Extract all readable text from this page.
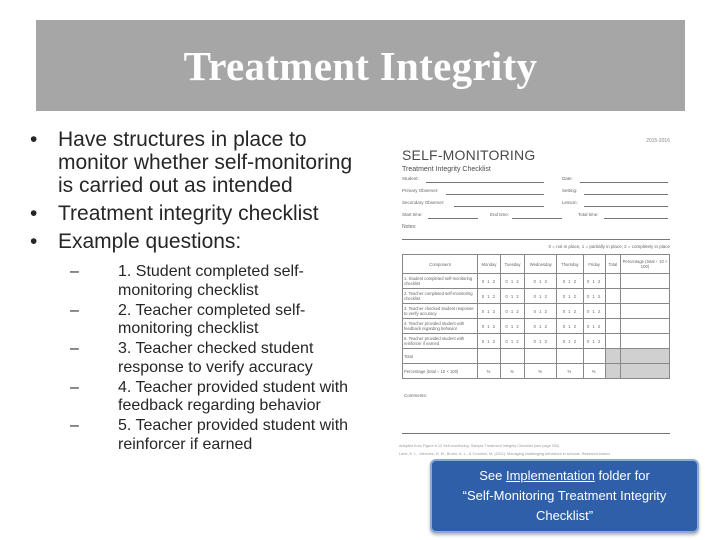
Treatment Integrity
• Have structures in place to monitor whether self-monitoring is carried out as intended
• Treatment integrity checklist
• Example questions:
– 1. Student completed self-monitoring checklist
– 2. Teacher completed self-monitoring checklist
– 3. Teacher checked student response to verify accuracy
– 4. Teacher provided student with feedback regarding behavior
– 5. Teacher provided student with reinforcer if earned
2015-2016
SELF-MONITORING
Treatment Integrity Checklist
Student:	Date:
Primary Observer:	Setting:
Secondary Observer:	Lesson:
Start time:	End time:	Total time:
Notes:
0 = not in place, 1 = partially in place; 2 = completely in place
Component	Monday	Tuesday	Wednesday	Thursday	Friday	Total	Percentage (total ÷ 10 × 100)
1. Student completed self-monitoring checklist	0 1 2	0 1 2	0 1 2	0 1 2	0 1 2		
2. Teacher completed self-monitoring checklist	0 1 2	0 1 2	0 1 2	0 1 2	0 1 2		
3. Teacher checked student response to verify accuracy	0 1 2	0 1 2	0 1 2	0 1 2	0 1 2		
4. Teacher provided student with feedback regarding behavior	0 1 2	0 1 2	0 1 2	0 1 2	0 1 2		
5. Teacher provided student with reinforcer if earned	0 1 2	0 1 2	0 1 2	0 1 2	0 1 2		
Total							
Percentage (total ÷ 10 × 100)	%	%	%	%	%		
Comments:
Adapted from Figure 8.12 Self-monitoring: Sample Treatment Integrity Checklist (see page 330)
Lane, K. L., Menzies, H. M., Bruhn, A. L., & Crnobori, M. (2011). Managing challenging behaviors in schools. Research-based
See Implementation folder for
“Self-Monitoring Treatment Integrity
Checklist”
